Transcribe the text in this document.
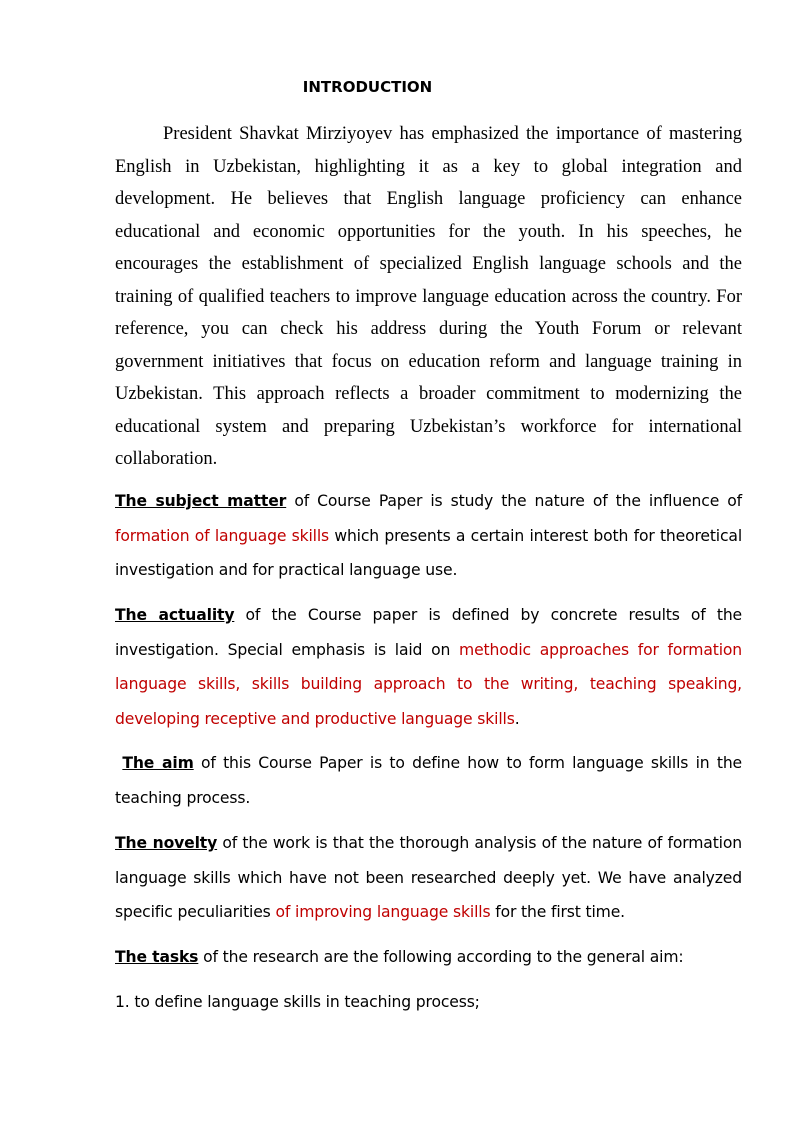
INTRODUCTION

President Shavkat Mirziyoyev has emphasized the importance of mastering English in Uzbekistan, highlighting it as a key to global integration and development. He believes that English language proficiency can enhance educational and economic opportunities for the youth. In his speeches, he encourages the establishment of specialized English language schools and the training of qualified teachers to improve language education across the country. For reference, you can check his address during the Youth Forum or relevant government initiatives that focus on education reform and language training in Uzbekistan. This approach reflects a broader commitment to modernizing the educational system and preparing Uzbekistan’s workforce for international collaboration.

The subject matter of Course Paper is study the nature of the influence of formation of language skills which presents a certain interest both for theoretical investigation and for practical language use.

The actuality of the Course paper is defined by concrete results of the investigation. Special emphasis is laid on methodic approaches for formation language skills, skills building approach to the writing, teaching speaking, developing receptive and productive language skills.

The aim of this Course Paper is to define how to form language skills in the teaching process.

The novelty of the work is that the thorough analysis of the nature of formation language skills which have not been researched deeply yet. We have analyzed specific peculiarities of improving language skills for the first time.

The tasks of the research are the following according to the general aim:

1. to define language skills in teaching process;
